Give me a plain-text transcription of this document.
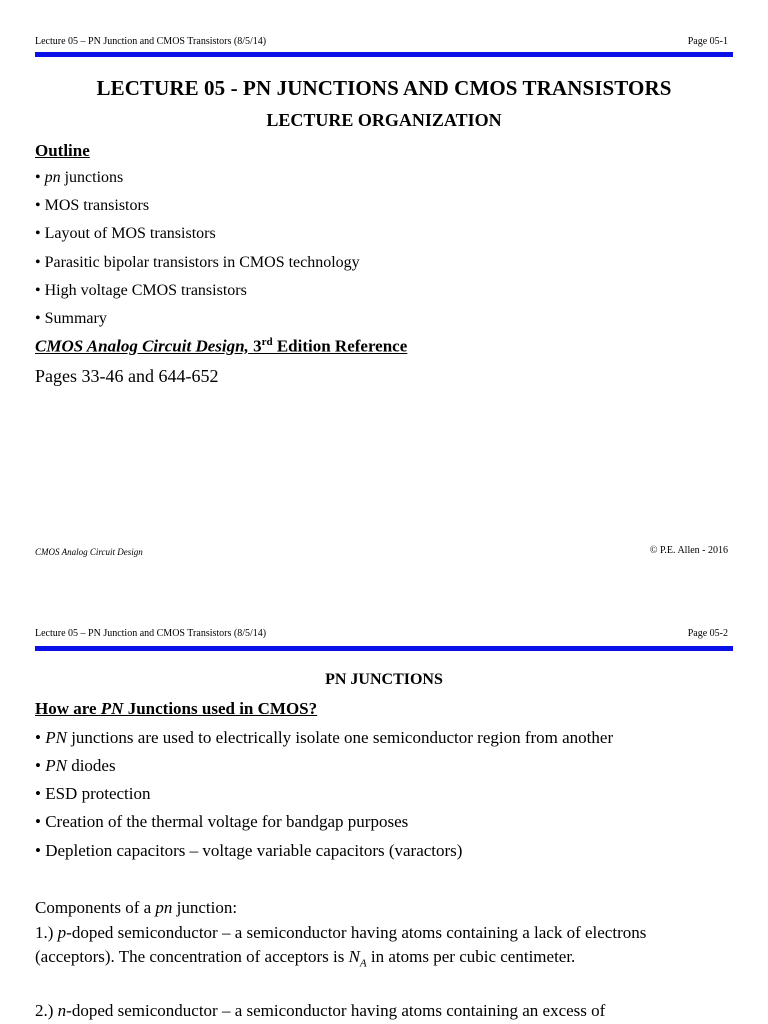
Lecture 05 – PN Junction and CMOS Transistors (8/5/14)	Page 05-1
LECTURE 05 - PN JUNCTIONS AND CMOS TRANSISTORS
LECTURE ORGANIZATION
Outline
• pn junctions
• MOS transistors
• Layout of MOS transistors
• Parasitic bipolar transistors in CMOS technology
• High voltage CMOS transistors
• Summary
CMOS Analog Circuit Design, 3rd Edition Reference
Pages 33-46 and 644-652
CMOS Analog Circuit Design	© P.E. Allen - 2016
Lecture 05 – PN Junction and CMOS Transistors (8/5/14)	Page 05-2
PN JUNCTIONS
How are PN Junctions used in CMOS?
• PN junctions are used to electrically isolate one semiconductor region from another
• PN diodes
• ESD protection
• Creation of the thermal voltage for bandgap purposes
• Depletion capacitors – voltage variable capacitors (varactors)
Components of a pn junction:
1.) p-doped semiconductor – a semiconductor having atoms containing a lack of electrons (acceptors). The concentration of acceptors is $N_A$ in atoms per cubic centimeter.
2.) n-doped semiconductor – a semiconductor having atoms containing an excess of
